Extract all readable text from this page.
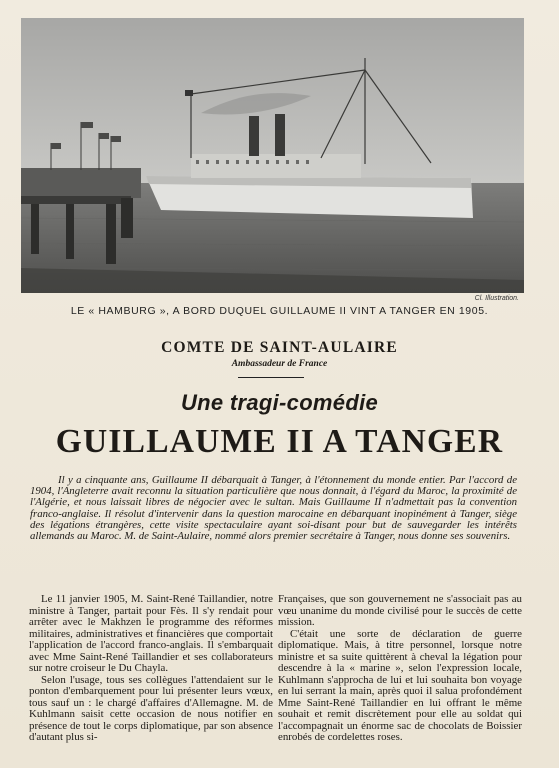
Cl. Illustration.
LE « HAMBURG », A BORD DUQUEL GUILLAUME II VINT A TANGER EN 1905.
COMTE DE SAINT-AULAIRE
Ambassadeur de France
Une tragi-comédie
GUILLAUME II A TANGER

Il y a cinquante ans, Guillaume II débarquait à Tanger, à l'étonnement du monde entier. Par l'accord de 1904, l'Angleterre avait reconnu la situation particulière que nous donnait, à l'égard du Maroc, la proximité de l'Algérie, et nous laissait libres de négocier avec le sultan. Mais Guillaume II n'admettait pas la convention franco-anglaise. Il résolut d'intervenir dans la question marocaine en débarquant inopinément à Tanger, siège des légations étrangères, cette visite spectaculaire ayant soi-disant pour but de sauvegarder les intérêts allemands au Maroc. M. de Saint-Aulaire, nommé alors premier secrétaire à Tanger, nous donne ses souvenirs.

Le 11 janvier 1905, M. Saint-René Taillandier, notre ministre à Tanger, partait pour Fès. Il s'y rendait pour arrêter avec le Makhzen le programme des réformes militaires, administratives et financières que comportait l'application de l'accord franco-anglais. Il s'embarquait avec Mme Saint-René Taillandier et ses collaborateurs sur notre croiseur le Du Chayla.

Selon l'usage, tous ses collègues l'attendaient sur le ponton d'embarquement pour lui présenter leurs vœux, tous sauf un : le chargé d'affaires d'Allemagne. M. de Kuhlmann saisit cette occasion de nous notifier en présence de tout le corps diplomatique, par son absence d'autant plus si-

Françaises, que son gouvernement ne s'associait pas au vœu unanime du monde civilisé pour le succès de cette mission.

C'était une sorte de déclaration de guerre diplomatique. Mais, à titre personnel, lorsque notre ministre et sa suite quittèrent à cheval la légation pour descendre à la « marine », selon l'expression locale, Kuhlmann s'approcha de lui et lui souhaita bon voyage en lui serrant la main, après quoi il salua profondément Mme Saint-René Taillandier en lui offrant le même souhait et remit discrètement pour elle au soldat qui l'accompagnait un énorme sac de chocolats de Boissier enrobés de cordelettes roses.
